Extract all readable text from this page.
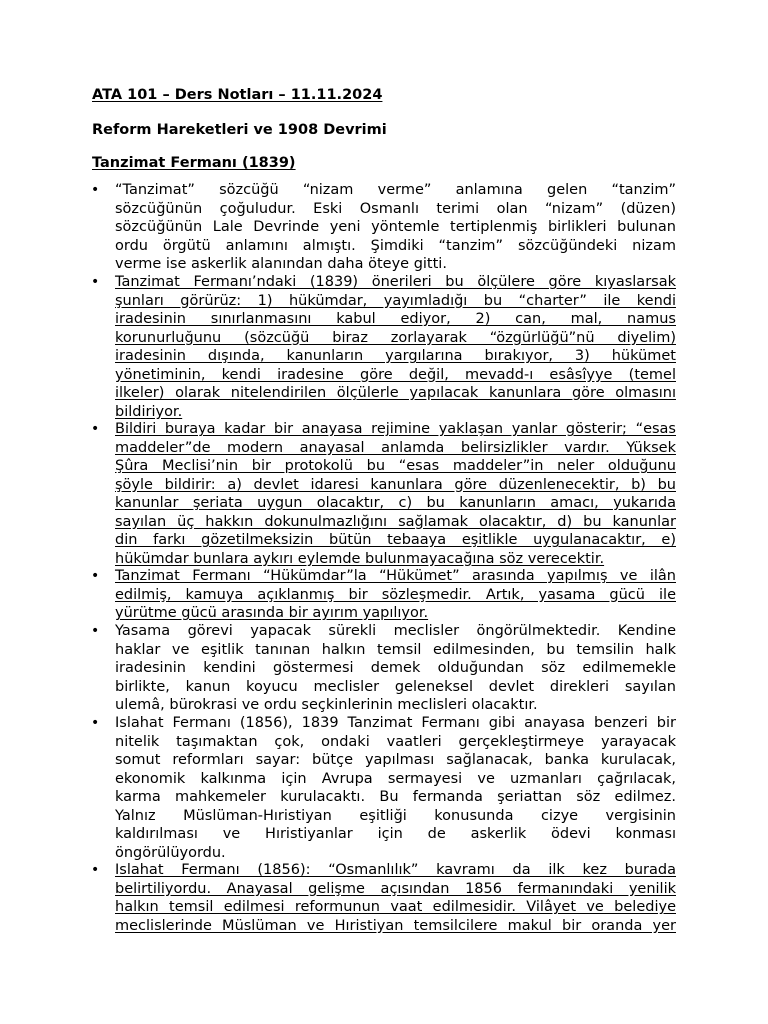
ATA 101 – Ders Notları – 11.11.2024

Reform Hareketleri ve 1908 Devrimi

Tanzimat Fermanı (1839)

• “Tanzimat” sözcüğü “nizam verme” anlamına gelen “tanzim”
sözcüğünün çoğuludur. Eski Osmanlı terimi olan “nizam” (düzen)
sözcüğünün Lale Devrinde yeni yöntemle tertiplenmiş birlikleri bulunan
ordu örgütü anlamını almıştı. Şimdiki “tanzim” sözcüğündeki nizam
verme ise askerlik alanından daha öteye gitti.
• Tanzimat Fermanı’ndaki (1839) önerileri bu ölçülere göre kıyaslarsak
şunları görürüz: 1) hükümdar, yayımladığı bu “charter” ile kendi
iradesinin sınırlanmasını kabul ediyor, 2) can, mal, namus
korunurluğunu (sözcüğü biraz zorlayarak “özgürlüğü”nü diyelim)
iradesinin dışında, kanunların yargılarına bırakıyor, 3) hükümet
yönetiminin, kendi iradesine göre değil, mevadd-ı esâsîyye (temel
ilkeler) olarak nitelendirilen ölçülerle yapılacak kanunlara göre olmasını
bildiriyor.
• Bildiri buraya kadar bir anayasa rejimine yaklaşan yanlar gösterir; “esas
maddeler”de modern anayasal anlamda belirsizlikler vardır. Yüksek
Şûra Meclisi’nin bir protokolü bu “esas maddeler”in neler olduğunu
şöyle bildirir: a) devlet idaresi kanunlara göre düzenlenecektir, b) bu
kanunlar şeriata uygun olacaktır, c) bu kanunların amacı, yukarıda
sayılan üç hakkın dokunulmazlığını sağlamak olacaktır, d) bu kanunlar
din farkı gözetilmeksizin bütün tebaaya eşitlikle uygulanacaktır, e)
hükümdar bunlara aykırı eylemde bulunmayacağına söz verecektir.
• Tanzimat Fermanı “Hükümdar”la “Hükümet” arasında yapılmış ve ilân
edilmiş, kamuya açıklanmış bir sözleşmedir. Artık, yasama gücü ile
yürütme gücü arasında bir ayırım yapılıyor.
• Yasama görevi yapacak sürekli meclisler öngörülmektedir. Kendine
haklar ve eşitlik tanınan halkın temsil edilmesinden, bu temsilin halk
iradesinin kendini göstermesi demek olduğundan söz edilmemekle
birlikte, kanun koyucu meclisler geleneksel devlet direkleri sayılan
ulemâ, bürokrasi ve ordu seçkinlerinin meclisleri olacaktır.
• Islahat Fermanı (1856), 1839 Tanzimat Fermanı gibi anayasa benzeri bir
nitelik taşımaktan çok, ondaki vaatleri gerçekleştirmeye yarayacak
somut reformları sayar: bütçe yapılması sağlanacak, banka kurulacak,
ekonomik kalkınma için Avrupa sermayesi ve uzmanları çağrılacak,
karma mahkemeler kurulacaktı. Bu fermanda şeriattan söz edilmez.
Yalnız Müslüman-Hıristiyan eşitliği konusunda cizye vergisinin
kaldırılması ve Hıristiyanlar için de askerlik ödevi konması
öngörülüyordu.
• Islahat Fermanı (1856): “Osmanlılık” kavramı da ilk kez burada
belirtiliyordu. Anayasal gelişme açısından 1856 fermanındaki yenilik
halkın temsil edilmesi reformunun vaat edilmesidir. Vilâyet ve belediye
meclislerinde Müslüman ve Hıristiyan temsilcilere makul bir oranda yer
